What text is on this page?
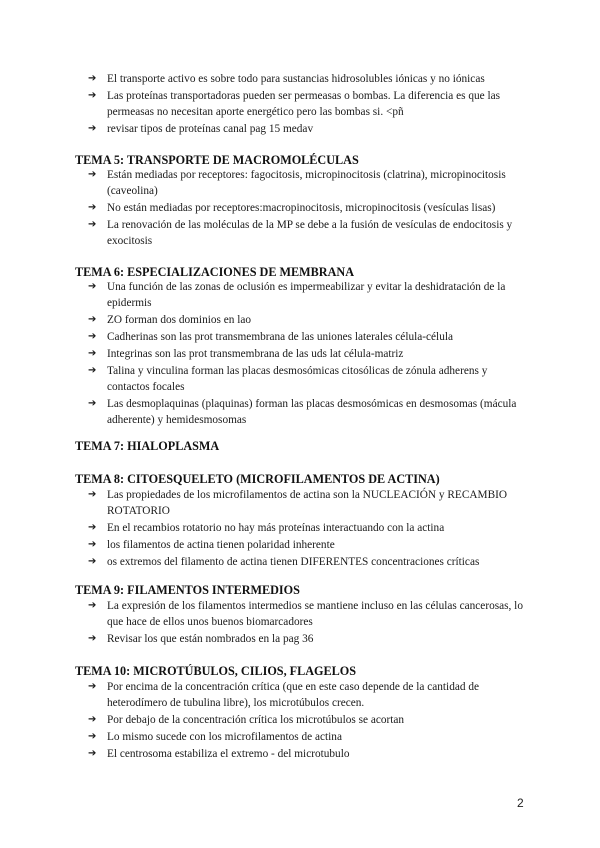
➔ El transporte activo es sobre todo para sustancias hidrosolubles iónicas y no iónicas
➔ Las proteínas transportadoras pueden ser permeasas o bombas. La diferencia es que las permeasas no necesitan aporte energético pero las bombas si. <pñ
➔ revisar tipos de proteínas canal pag 15 medav
TEMA 5: TRANSPORTE DE MACROMOLÉCULAS
➔ Están mediadas por receptores: fagocitosis, micropinocitosis (clatrina), micropinocitosis (caveolina)
➔ No están mediadas por receptores:macropinocitosis, micropinocitosis (vesículas lisas)
➔ La renovación de las moléculas de la MP se debe a la fusión de vesículas de endocitosis y exocitosis
TEMA 6: ESPECIALIZACIONES DE MEMBRANA
➔ Una función de las zonas de oclusión es impermeabilizar y evitar la deshidratación de la epidermis
➔ ZO forman dos dominios en lao
➔ Cadherinas son las prot transmembrana de las uniones laterales célula-célula
➔ Integrinas son las prot transmembrana de las uds lat célula-matriz
➔ Talina y vinculina forman las placas desmosómicas citosólicas de zónula adherens y contactos focales
➔ Las desmoplaquinas (plaquinas) forman las placas desmosómicas en desmosomas (mácula adherente) y hemidesmosomas
TEMA 7: HIALOPLASMA
TEMA 8: CITOESQUELETO (MICROFILAMENTOS DE ACTINA)
➔ Las propiedades de los microfilamentos de actina son la NUCLEACIÓN y RECAMBIO ROTATORIO
➔ En el recambios rotatorio no hay más proteínas interactuando con la actina
➔ los filamentos de actina tienen polaridad inherente
➔ os extremos del filamento de actina tienen DIFERENTES concentraciones críticas
TEMA 9: FILAMENTOS INTERMEDIOS
➔ La expresión de los filamentos intermedios se mantiene incluso en las células cancerosas, lo que hace de ellos unos buenos biomarcadores
➔ Revisar los que están nombrados en la pag 36
TEMA 10: MICROTÚBULOS, CILIOS, FLAGELOS
➔ Por encima de la concentración crítica (que en este caso depende de la cantidad de heterodímero de tubulina libre), los microtúbulos crecen.
➔ Por debajo de la concentración crítica los microtúbulos se acortan
➔ Lo mismo sucede con los microfilamentos de actina
➔ El centrosoma estabiliza el extremo - del microtubulo
2
